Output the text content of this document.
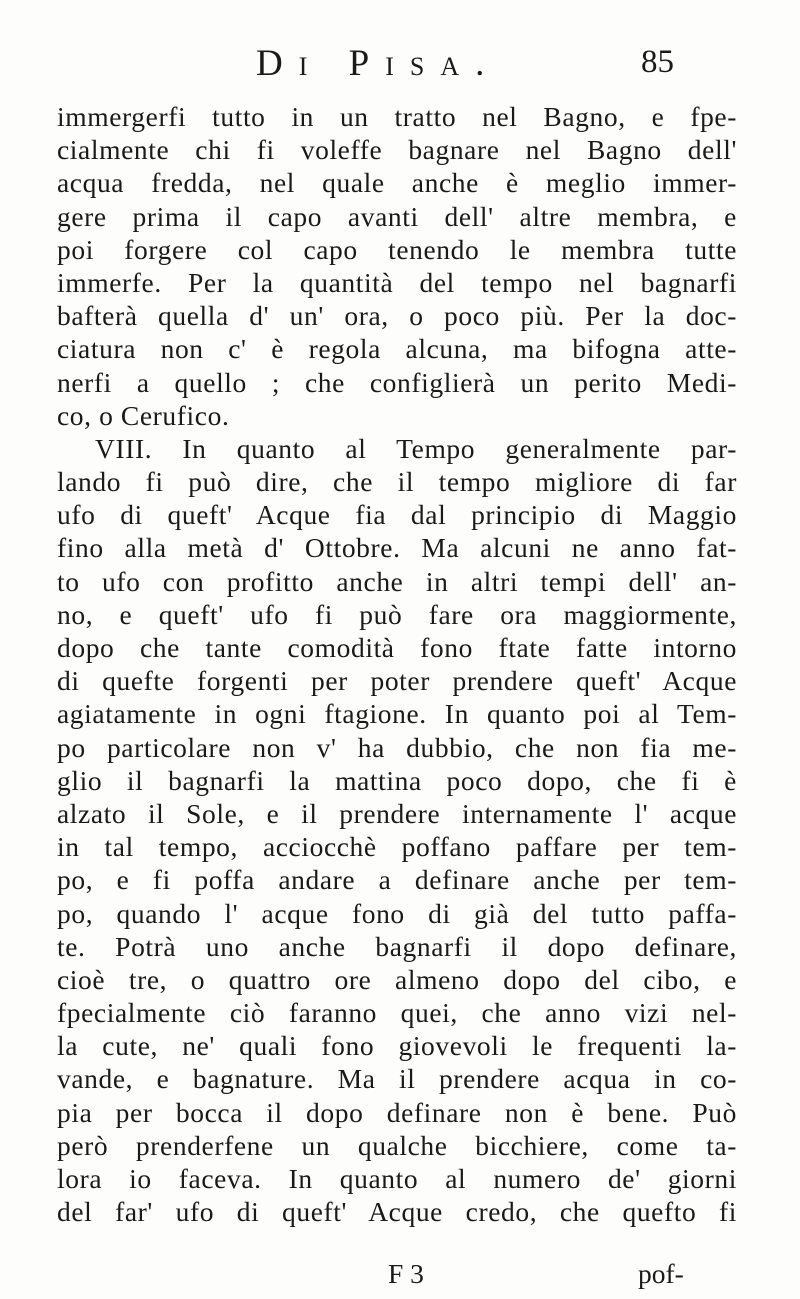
Di Pisa.	85
immergerfi tutto in un tratto nel Bagno, e fpe-
cialmente chi fi voleffe bagnare nel Bagno dell'
acqua fredda, nel quale anche è meglio immer-
gere prima il capo avanti dell' altre membra, e
poi forgere col capo tenendo le membra tutte
immerfe. Per la quantità del tempo nel bagnarfi
bafterà quella d' un' ora, o poco più. Per la doc-
ciatura non c' è regola alcuna, ma bifogna atte-
nerfi a quello ; che configlierà un perito Medi-
co, o Cerufico.
VIII. In quanto al Tempo generalmente par-
lando fi può dire, che il tempo migliore di far
ufo di queft' Acque fia dal principio di Maggio
fino alla metà d' Ottobre. Ma alcuni ne anno fat-
to ufo con profitto anche in altri tempi dell' an-
no, e queft' ufo fi può fare ora maggiormente,
dopo che tante comodità fono ftate fatte intorno
di quefte forgenti per poter prendere queft' Acque
agiatamente in ogni ftagione. In quanto poi al Tem-
po particolare non v' ha dubbio, che non fia me-
glio il bagnarfi la mattina poco dopo, che fi è
alzato il Sole, e il prendere internamente l' acque
in tal tempo, acciocchè poffano paffare per tem-
po, e fi poffa andare a definare anche per tem-
po, quando l' acque fono di già del tutto paffa-
te. Potrà uno anche bagnarfi il dopo definare,
cioè tre, o quattro ore almeno dopo del cibo, e
fpecialmente ciò faranno quei, che anno vizi nel-
la cute, ne' quali fono giovevoli le frequenti la-
vande, e bagnature. Ma il prendere acqua in co-
pia per bocca il dopo definare non è bene. Può
però prenderfene un qualche bicchiere, come ta-
lora io faceva. In quanto al numero de' giorni
del far' ufo di queft' Acque credo, che quefto fi
F 3	pof-
